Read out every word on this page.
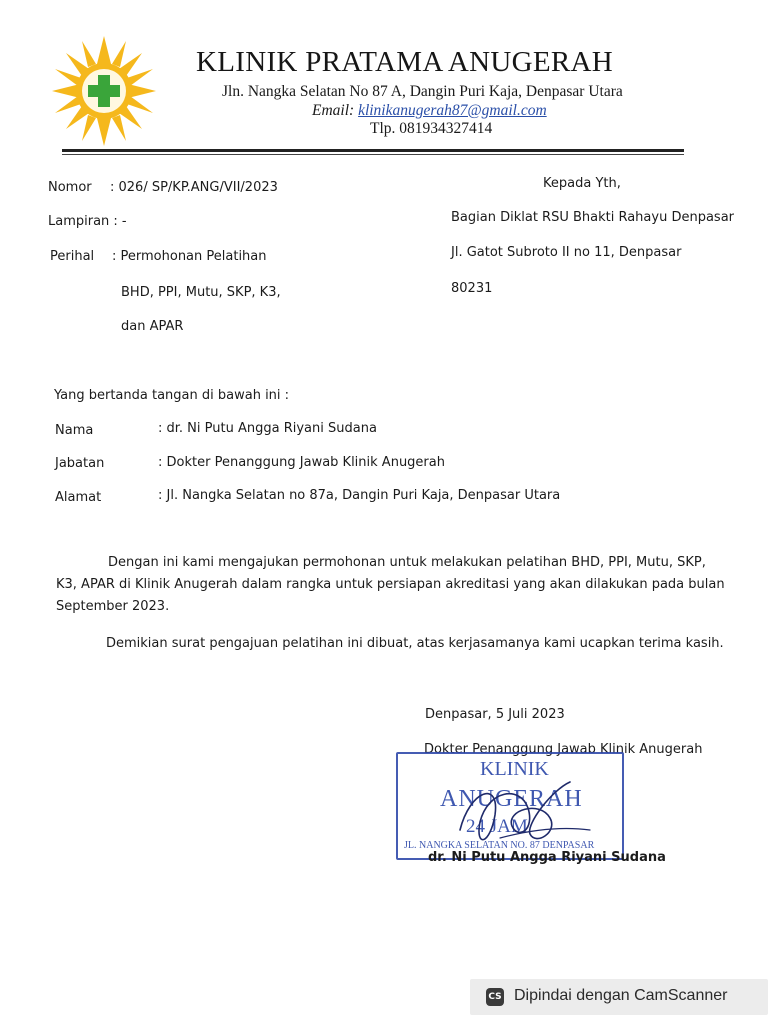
KLINIK PRATAMA ANUGERAH
Jln. Nangka Selatan No 87 A, Dangin Puri Kaja, Denpasar Utara
Email: klinikanugerah87@gmail.com
Tlp. 081934327414
Nomor : 026/ SP/KP.ANG/VII/2023
Lampiran : -
Perihal : Permohonan Pelatihan
BHD, PPI, Mutu, SKP, K3,
dan APAR
Kepada Yth,
Bagian Diklat RSU Bhakti Rahayu Denpasar
Jl. Gatot Subroto II no 11, Denpasar
80231
Yang bertanda tangan di bawah ini :
Nama	: dr. Ni Putu Angga Riyani Sudana
Jabatan	: Dokter Penanggung Jawab Klinik Anugerah
Alamat	: Jl. Nangka Selatan no 87a, Dangin Puri Kaja, Denpasar Utara
Dengan ini kami mengajukan permohonan untuk melakukan pelatihan BHD, PPI, Mutu, SKP, K3, APAR di Klinik Anugerah dalam rangka untuk persiapan akreditasi yang akan dilakukan pada bulan September 2023.
Demikian surat pengajuan pelatihan ini dibuat, atas kerjasamanya kami ucapkan terima kasih.
Denpasar, 5 Juli 2023
Dokter Penanggung Jawab Klinik Anugerah
KLINIK
ANUGERAH
24 JAM
JL. NANGKA SELATAN NO. 87 DENPASAR
dr. Ni Putu Angga Riyani Sudana
CS Dipindai dengan CamScanner
